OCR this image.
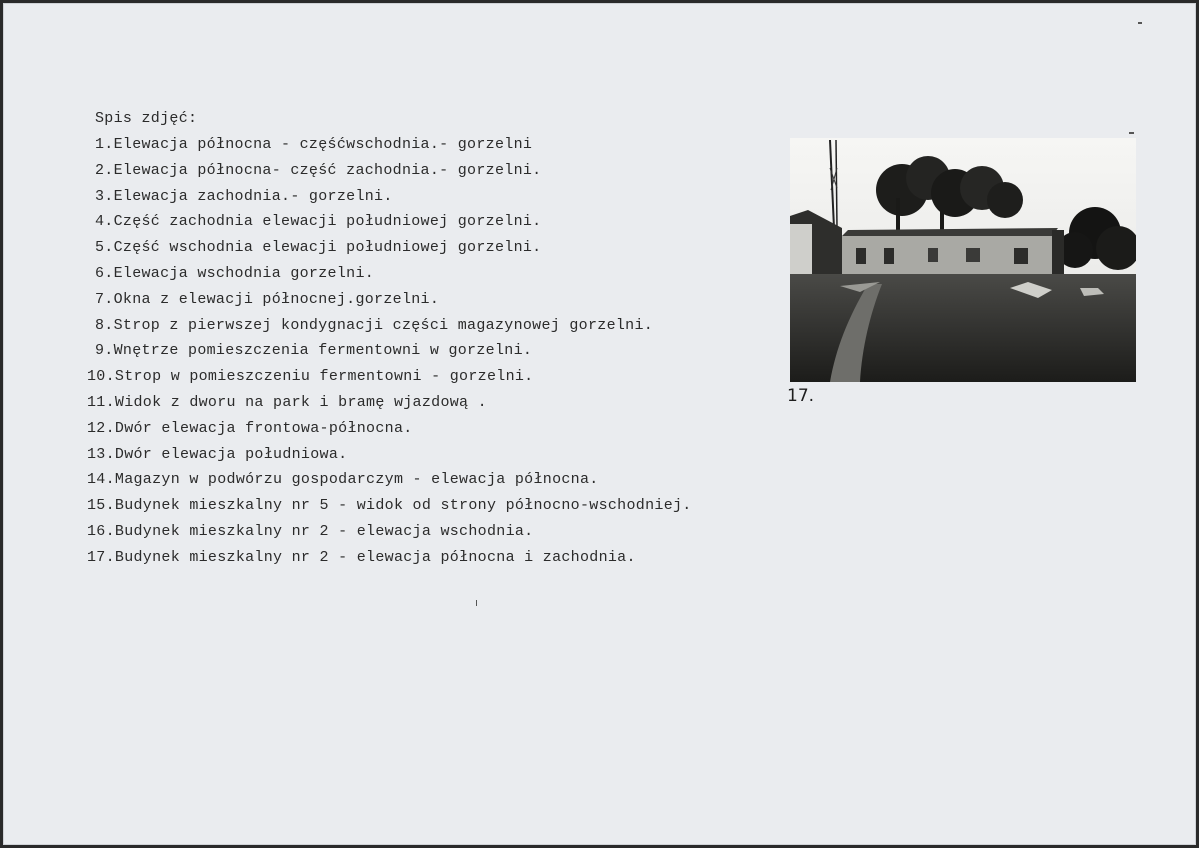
Spis zdjęć:
1.Elewacja północna - częśćwschodnia.- gorzelni
2.Elewacja północna- część zachodnia.- gorzelni.
3.Elewacja zachodnia.- gorzelni.
4.Część zachodnia elewacji południowej gorzelni.
5.Część wschodnia elewacji południowej gorzelni.
6.Elewacja wschodnia gorzelni.
7.Okna z elewacji północnej.gorzelni.
8.Strop z pierwszej kondygnacji części magazynowej gorzelni.
9.Wnętrze pomieszczenia fermentowni w gorzelni.
10.Strop w pomieszczeniu fermentowni - gorzelni.
11.Widok z dworu na park i bramę wjazdową .
12.Dwór elewacja frontowa-północna.
13.Dwór elewacja południowa.
14.Magazyn w podwórzu gospodarczym - elewacja północna.
15.Budynek mieszkalny nr 5 - widok od strony północno-wschodniej.
16.Budynek mieszkalny nr 2 - elewacja wschodnia.
17.Budynek mieszkalny nr 2 - elewacja północna i zachodnia.
17.
